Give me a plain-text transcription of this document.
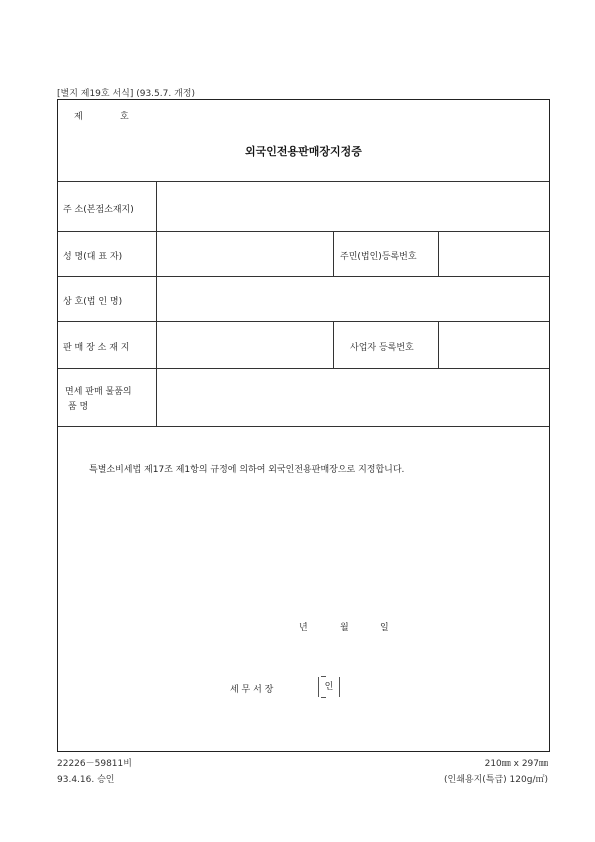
[별지 제19호 서식] (93.5.7. 개정)
제	호
외국인전용판매장지정증
주 소(본점소재지)
성 명(대 표 자)	주민(법인)등록번호
상 호(법 인 명)
판 매 장 소 재 지	사업자 등록번호
면세 판매 물품의
품 명
특별소비세법 제17조 제1항의 규정에 의하여 외국인전용판매장으로 지정합니다.
년	월	일
세 무 서 장	인
22226－59811비
93.4.16. 승인
210㎜ x 297㎜
(인쇄용지(특급) 120g/㎡)
